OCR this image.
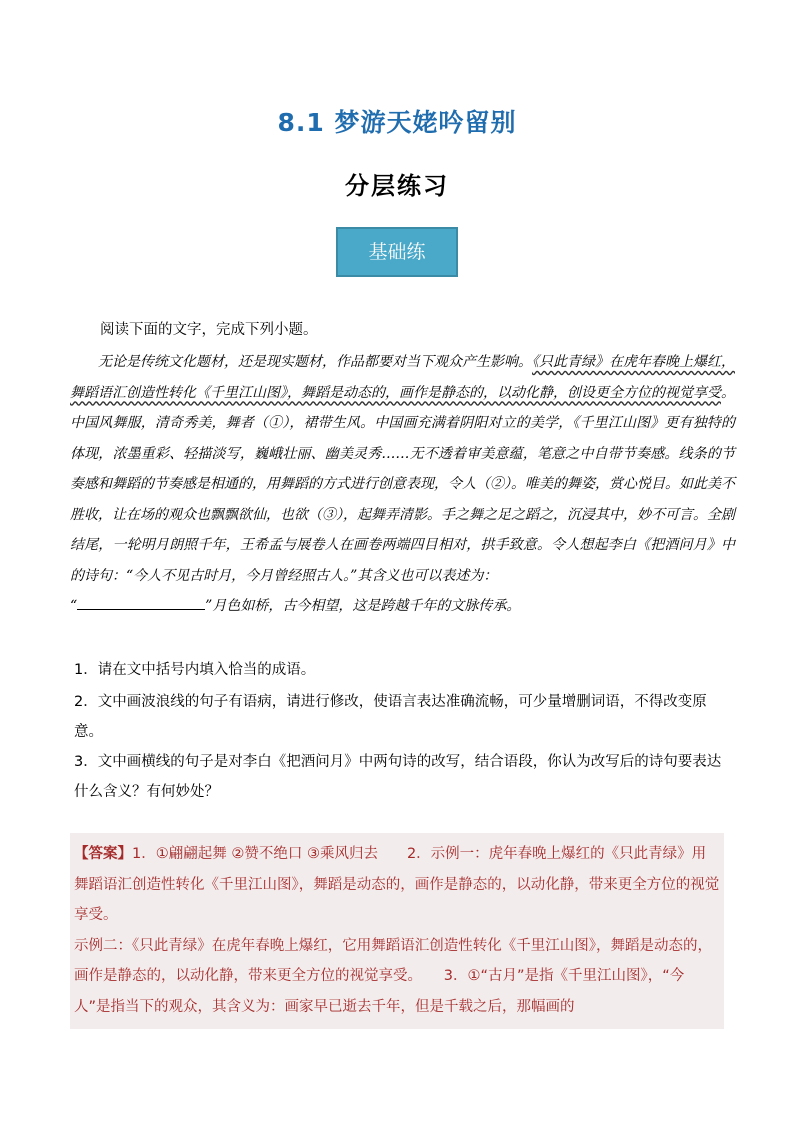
8.1 梦游天姥吟留别
分层练习
基础练
阅读下面的文字，完成下列小题。

无论是传统文化题材，还是现实题材，作品都要对当下观众产生影响。《只此青绿》在虎年春晚上爆红，舞蹈语汇创造性转化《千里江山图》，舞蹈是动态的，画作是静态的，以动化静，创设更全方位的视觉享受。中国风舞服，清奇秀美，舞者（①），裙带生风。中国画充满着阴阳对立的美学，《千里江山图》更有独特的体现，浓墨重彩、轻描淡写，巍峨壮丽、幽美灵秀……无不透着审美意蕴，笔意之中自带节奏感。线条的节奏感和舞蹈的节奏感是相通的，用舞蹈的方式进行创意表现，令人（②）。唯美的舞姿，赏心悦目。如此美不胜收，让在场的观众也飘飘欲仙，也欲（③），起舞弄清影。手之舞之足之蹈之，沉浸其中，妙不可言。全剧结尾，一轮明月朗照千年，王希孟与展卷人在画卷两端四目相对，拱手致意。令人想起李白《把酒问月》中的诗句：“今人不见古时月，今月曾经照古人。”其含义也可以表述为：

“	”月色如桥，古今相望，这是跨越千年的文脉传承。

1．请在文中括号内填入恰当的成语。

2．文中画波浪线的句子有语病，请进行修改，使语言表达准确流畅，可少量增删词语，不得改变原意。

3．文中画横线的句子是对李白《把酒问月》中两句诗的改写，结合语段，你认为改写后的诗句要表达什么含义？有何妙处？

【答案】1．①翩翩起舞 ②赞不绝口 ③乘风归去　　2．示例一：虎年春晚上爆红的《只此青绿》用舞蹈语汇创造性转化《千里江山图》，舞蹈是动态的，画作是静态的，以动化静，带来更全方位的视觉享受。

示例二：《只此青绿》在虎年春晚上爆红，它用舞蹈语汇创造性转化《千里江山图》，舞蹈是动态的，画作是静态的，以动化静，带来更全方位的视觉享受。　　3．①“古月”是指《千里江山图》，“今人”是指当下的观众，其含义为：画家早已逝去千年，但是千载之后，那幅画的
